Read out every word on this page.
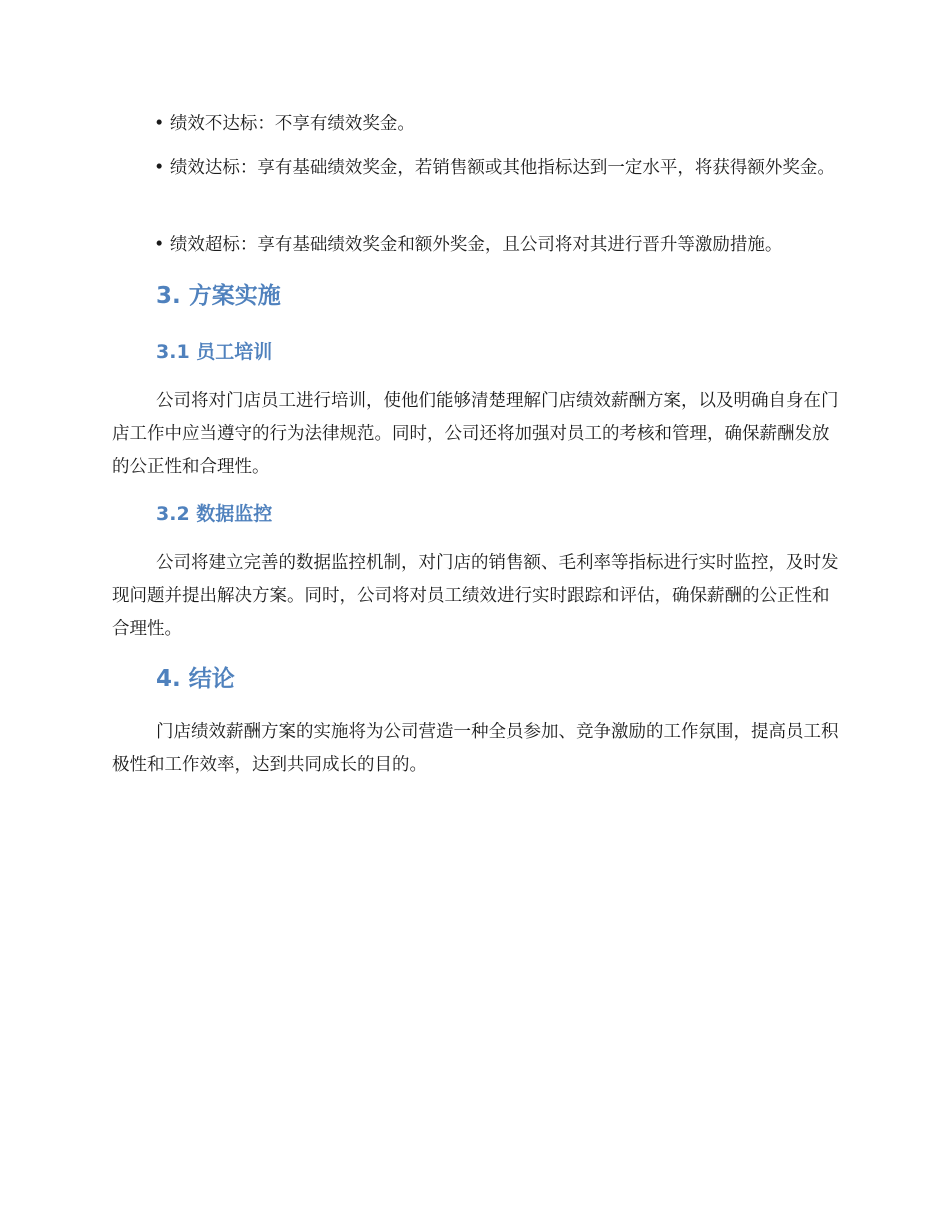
• 绩效不达标：不享有绩效奖金。

• 绩效达标：享有基础绩效奖金，若销售额或其他指标达到一定水平，将获得额外奖金。

• 绩效超标：享有基础绩效奖金和额外奖金，且公司将对其进行晋升等激励措施。

3. 方案实施
3.1 员工培训

公司将对门店员工进行培训，使他们能够清楚理解门店绩效薪酬方案，以及明确自身在门店工作中应当遵守的行为法律规范。同时，公司还将加强对员工的考核和管理，确保薪酬发放的公正性和合理性。

3.2 数据监控

公司将建立完善的数据监控机制，对门店的销售额、毛利率等指标进行实时监控，及时发现问题并提出解决方案。同时，公司将对员工绩效进行实时跟踪和评估，确保薪酬的公正性和合理性。

4. 结论

门店绩效薪酬方案的实施将为公司营造一种全员参加、竞争激励的工作氛围，提高员工积极性和工作效率，达到共同成长的目的。
